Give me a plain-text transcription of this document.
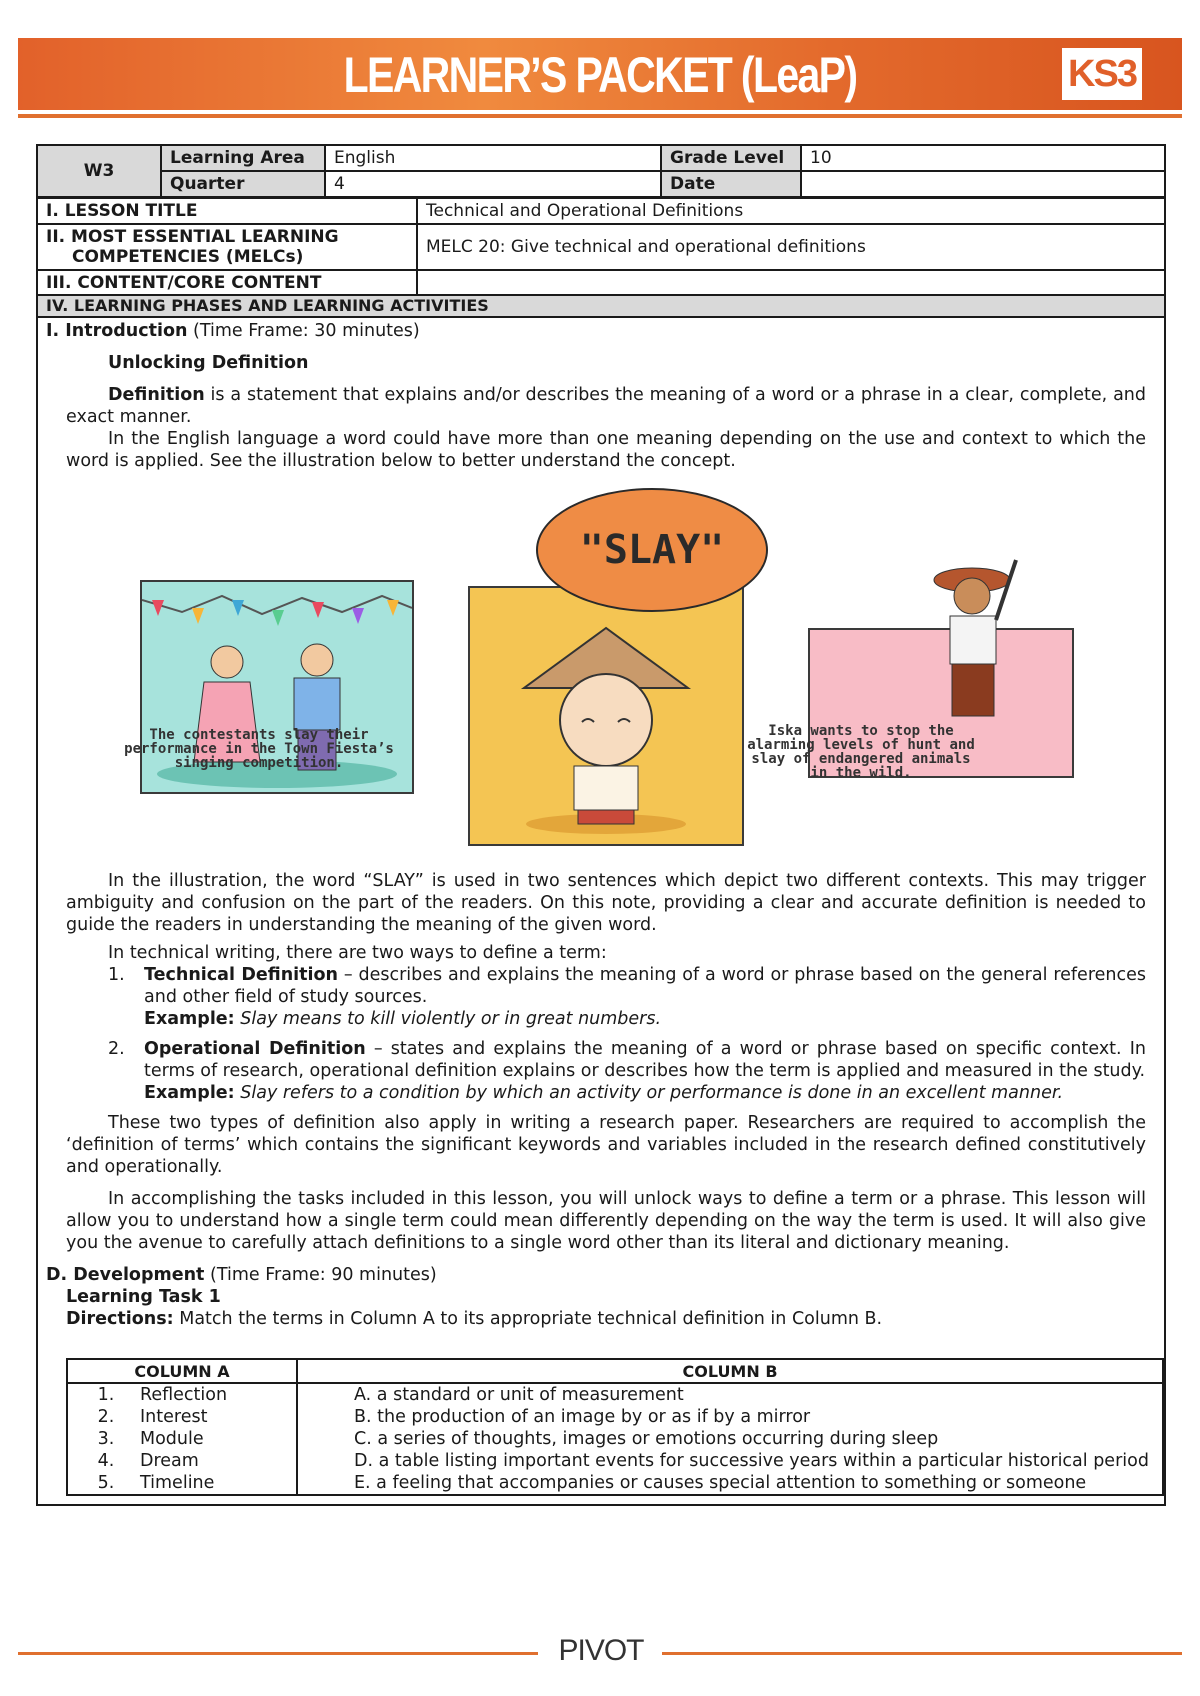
LEARNER’S PACKET (LeaP)	KS3
W3	Learning Area	English	Grade Level	10
	Quarter	4	Date	
I. LESSON TITLE	Technical and Operational Definitions
II. MOST ESSENTIAL LEARNING
COMPETENCIES (MELCs)	MELC 20: Give technical and operational definitions
III. CONTENT/CORE CONTENT	
IV. LEARNING PHASES AND LEARNING ACTIVITIES
I. Introduction (Time Frame: 30 minutes)
Unlocking Definition
Definition is a statement that explains and/or describes the meaning of a word or a phrase in a clear, complete, and exact manner.
In the English language a word could have more than one meaning depending on the use and context to which the word is applied. See the illustration below to better understand the concept.
The contestants slay their performance in the Town Fiesta’s singing competition.
"SLAY"
Iska wants to stop the alarming levels of hunt and slay of endangered animals in the wild.
In the illustration, the word “SLAY” is used in two sentences which depict two different contexts. This may trigger ambiguity and confusion on the part of the readers. On this note, providing a clear and accurate definition is needed to guide the readers in understanding the meaning of the given word.
In technical writing, there are two ways to define a term:
1.	Technical Definition – describes and explains the meaning of a word or phrase based on the general references and other field of study sources.
Example: Slay means to kill violently or in great numbers.
2.	Operational Definition – states and explains the meaning of a word or phrase based on specific context. In terms of research, operational definition explains or describes how the term is applied and measured in the study.
Example: Slay refers to a condition by which an activity or performance is done in an excellent manner.
These two types of definition also apply in writing a research paper. Researchers are required to accomplish the ‘definition of terms’ which contains the significant keywords and variables included in the research defined constitutively and operationally.
In accomplishing the tasks included in this lesson, you will unlock ways to define a term or a phrase. This lesson will allow you to understand how a single term could mean differently depending on the way the term is used. It will also give you the avenue to carefully attach definitions to a single word other than its literal and dictionary meaning.
D. Development (Time Frame: 90 minutes)
Learning Task 1
Directions: Match the terms in Column A to its appropriate technical definition in Column B.
COLUMN A	COLUMN B
1. Reflection	A. a standard or unit of measurement
2. Interest	B. the production of an image by or as if by a mirror
3. Module	C. a series of thoughts, images or emotions occurring during sleep
4. Dream	D. a table listing important events for successive years within a particular historical period
5. Timeline	E. a feeling that accompanies or causes special attention to something or someone
PIVOT
